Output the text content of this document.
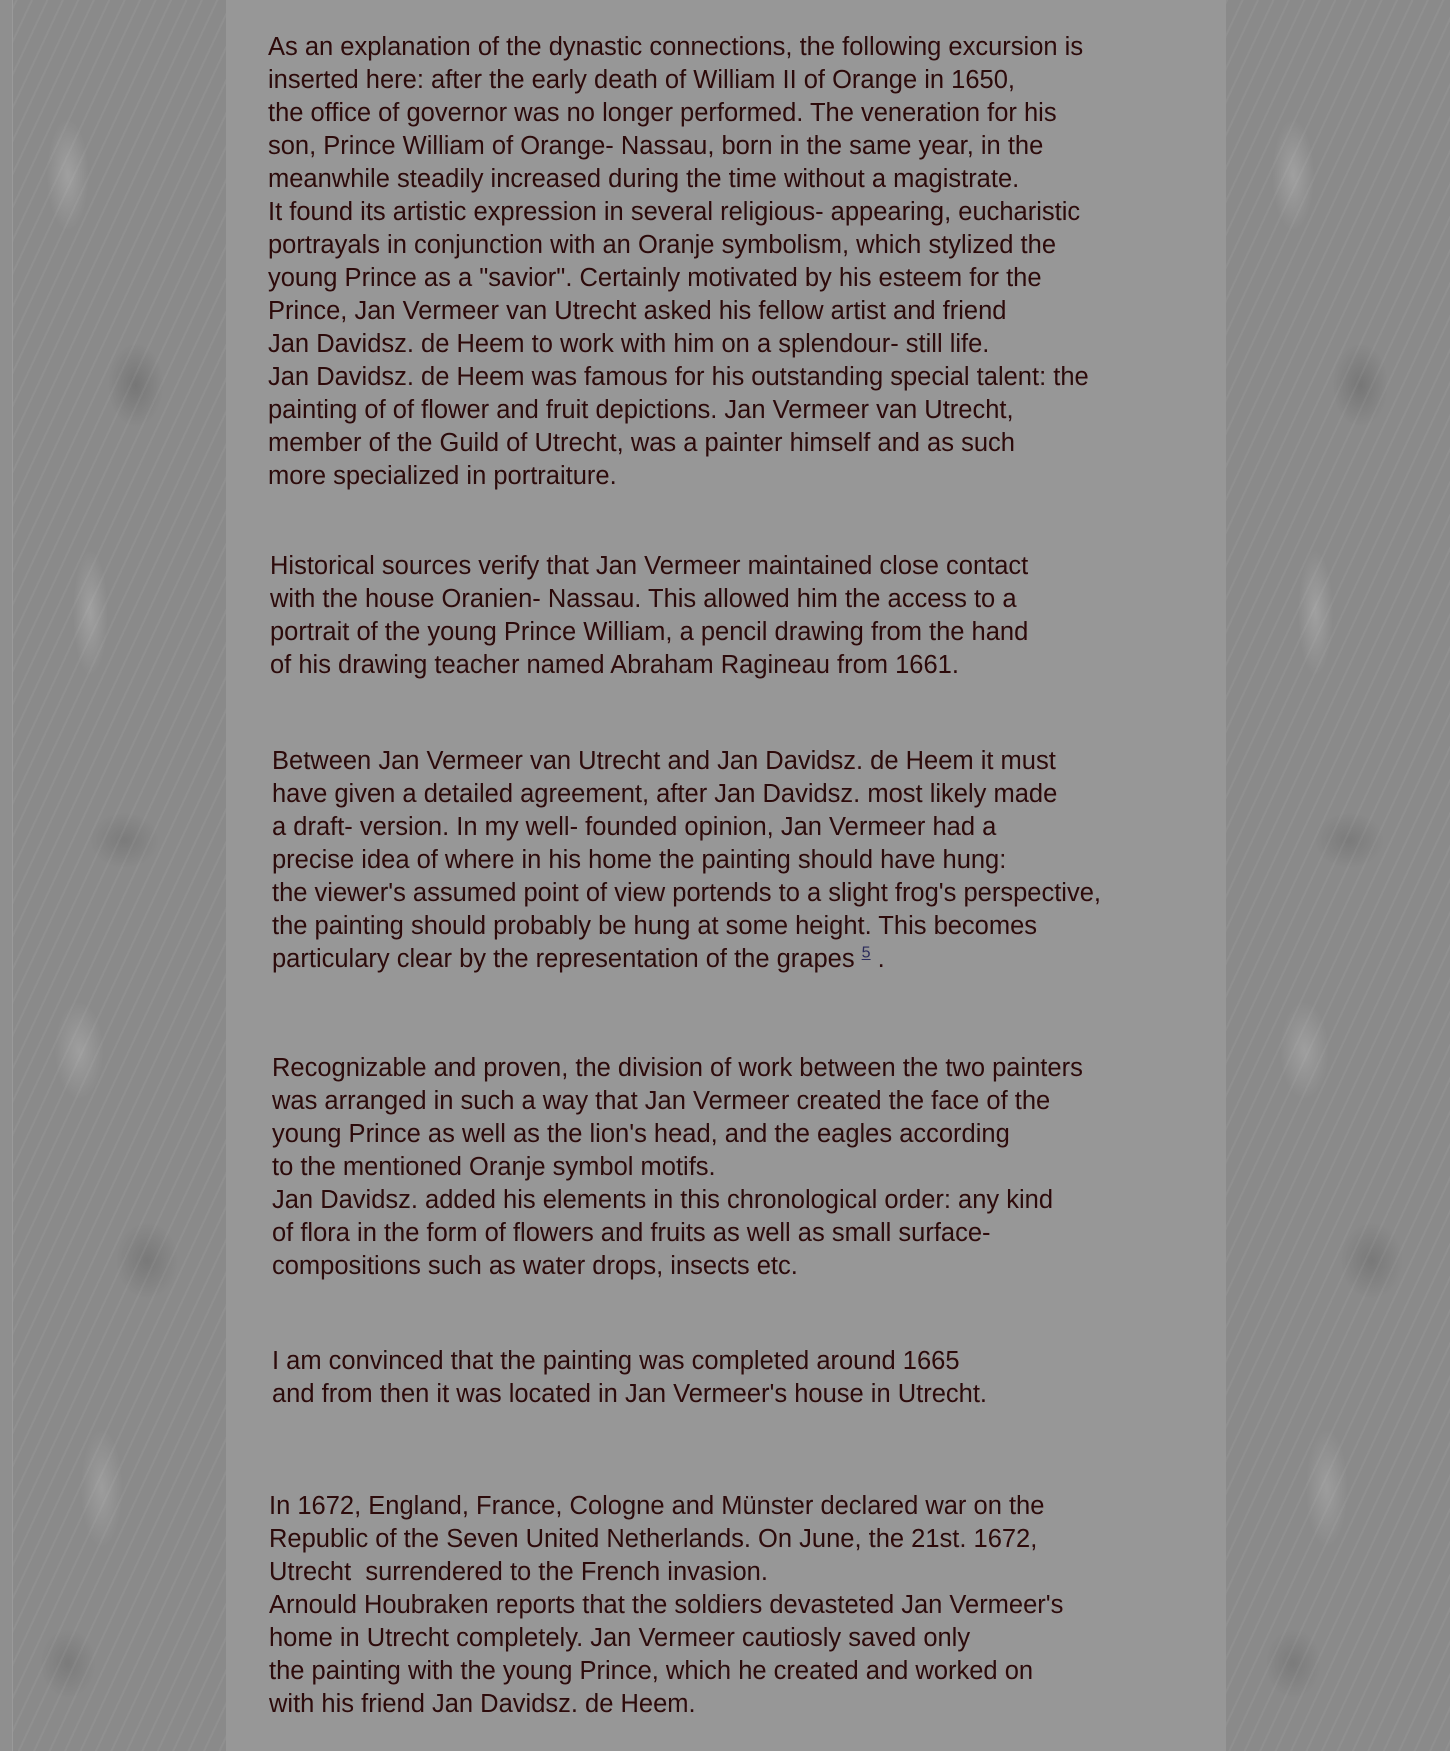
As an explanation of the dynastic connections, the following excursion is
inserted here: after the early death of William II of Orange in 1650,
the office of governor was no longer performed. The veneration for his
son, Prince William of Orange- Nassau, born in the same year, in the
meanwhile steadily increased during the time without a magistrate.
It found its artistic expression in several religious- appearing, eucharistic
portrayals in conjunction with an Oranje symbolism, which stylized the
young Prince as a "savior". Certainly motivated by his esteem for the
Prince, Jan Vermeer van Utrecht asked his fellow artist and friend
Jan Davidsz. de Heem to work with him on a splendour- still life.
Jan Davidsz. de Heem was famous for his outstanding special talent: the
painting of of flower and fruit depictions. Jan Vermeer van Utrecht,
member of the Guild of Utrecht, was a painter himself and as such
more specialized in portraiture.

Historical sources verify that Jan Vermeer maintained close contact
with the house Oranien- Nassau. This allowed him the access to a
portrait of the young Prince William, a pencil drawing from the hand
of his drawing teacher named Abraham Ragineau from 1661.

Between Jan Vermeer van Utrecht and Jan Davidsz. de Heem it must
have given a detailed agreement, after Jan Davidsz. most likely made
a draft- version. In my well- founded opinion, Jan Vermeer had a
precise idea of where in his home the painting should have hung:
the viewer's assumed point of view portends to a slight frog's perspective,
the painting should probably be hung at some height. This becomes
particulary clear by the representation of the grapes $^5$ .

Recognizable and proven, the division of work between the two painters
was arranged in such a way that Jan Vermeer created the face of the
young Prince as well as the lion's head, and the eagles according
to the mentioned Oranje symbol motifs.
Jan Davidsz. added his elements in this chronological order: any kind
of flora in the form of flowers and fruits as well as small surface-
compositions such as water drops, insects etc.

I am convinced that the painting was completed around 1665
and from then it was located in Jan Vermeer's house in Utrecht.

In 1672, England, France, Cologne and Münster declared war on the
Republic of the Seven United Netherlands. On June, the 21st. 1672,
Utrecht  surrendered to the French invasion.
Arnould Houbraken reports that the soldiers devasteted Jan Vermeer's
home in Utrecht completely. Jan Vermeer cautiosly saved only
the painting with the young Prince, which he created and worked on
with his friend Jan Davidsz. de Heem.
